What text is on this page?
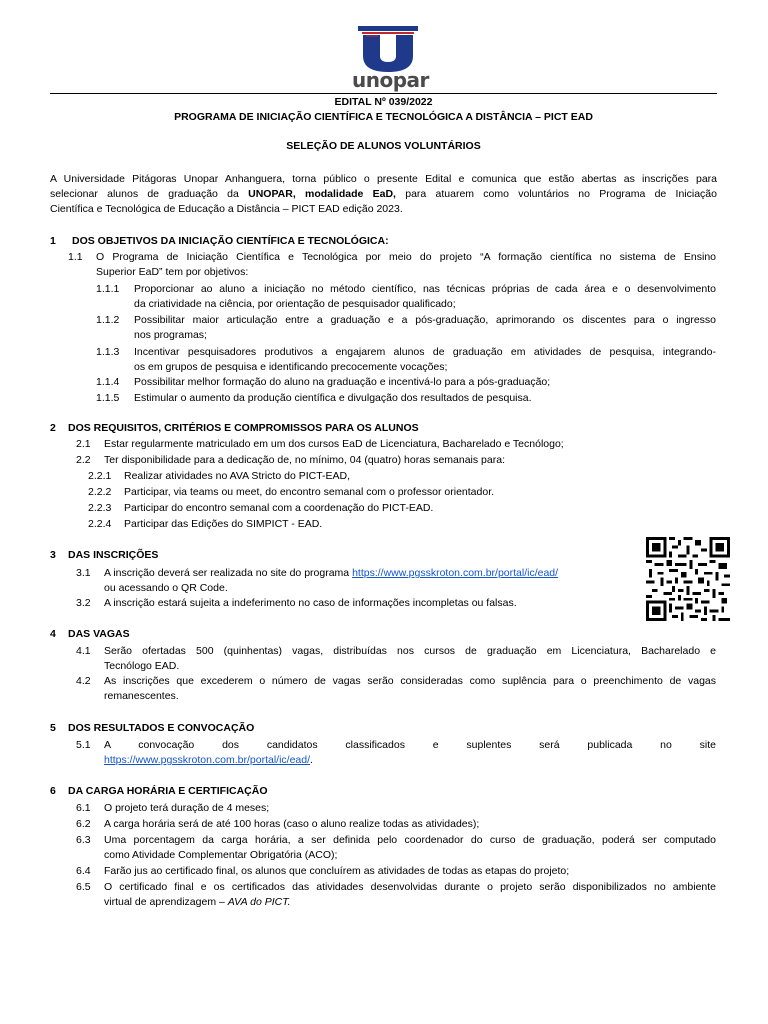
unopar
EDITAL Nº 039/2022
PROGRAMA DE INICIAÇÃO CIENTÍFICA E TECNOLÓGICA A DISTÂNCIA – PICT EAD
SELEÇÃO DE ALUNOS VOLUNTÁRIOS
A Universidade Pitágoras Unopar Anhanguera, torna público o presente Edital e comunica que estão abertas as inscrições para
selecionar alunos de graduação da UNOPAR, modalidade EaD, para atuarem como voluntários no Programa de Iniciação
Científica e Tecnológica de Educação a Distância – PICT EAD edição 2023.
1 DOS OBJETIVOS DA INICIAÇÃO CIENTÍFICA E TECNOLÓGICA:
1.1 O Programa de Iniciação Científica e Tecnológica por meio do projeto “A formação científica no sistema de Ensino
Superior EaD” tem por objetivos:
1.1.1 Proporcionar ao aluno a iniciação no método científico, nas técnicas próprias de cada área e o desenvolvimento
da criatividade na ciência, por orientação de pesquisador qualificado;
1.1.2 Possibilitar maior articulação entre a graduação e a pós-graduação, aprimorando os discentes para o ingresso
nos programas;
1.1.3 Incentivar pesquisadores produtivos a engajarem alunos de graduação em atividades de pesquisa, integrando-
os em grupos de pesquisa e identificando precocemente vocações;
1.1.4 Possibilitar melhor formação do aluno na graduação e incentivá-lo para a pós-graduação;
1.1.5 Estimular o aumento da produção científica e divulgação dos resultados de pesquisa.
2 DOS REQUISITOS, CRITÉRIOS E COMPROMISSOS PARA OS ALUNOS
2.1 Estar regularmente matriculado em um dos cursos EaD de Licenciatura, Bacharelado e Tecnólogo;
2.2 Ter disponibilidade para a dedicação de, no mínimo, 04 (quatro) horas semanais para:
2.2.1 Realizar atividades no AVA Stricto do PICT-EAD,
2.2.2 Participar, via teams ou meet, do encontro semanal com o professor orientador.
2.2.3 Participar do encontro semanal com a coordenação do PICT-EAD.
2.2.4 Participar das Edições do SIMPICT - EAD.
3 DAS INSCRIÇÕES
3.1 A inscrição deverá ser realizada no site do programa https://www.pgsskroton.com.br/portal/ic/ead/
ou acessando o QR Code.
3.2 A inscrição estará sujeita a indeferimento no caso de informações incompletas ou falsas.
4 DAS VAGAS
4.1 Serão ofertadas 500 (quinhentas) vagas, distribuídas nos cursos de graduação em Licenciatura, Bacharelado e
Tecnólogo EAD.
4.2 As inscrições que excederem o número de vagas serão consideradas como suplência para o preenchimento de vagas
remanescentes.
5 DOS RESULTADOS E CONVOCAÇÃO
5.1 A convocação dos candidatos classificados e suplentes será publicada no site
https://www.pgsskroton.com.br/portal/ic/ead/.
6 DA CARGA HORÁRIA E CERTIFICAÇÃO
6.1 O projeto terá duração de 4 meses;
6.2 A carga horária será de até 100 horas (caso o aluno realize todas as atividades);
6.3 Uma porcentagem da carga horária, a ser definida pelo coordenador do curso de graduação, poderá ser computado
como Atividade Complementar Obrigatória (ACO);
6.4 Farão jus ao certificado final, os alunos que concluírem as atividades de todas as etapas do projeto;
6.5 O certificado final e os certificados das atividades desenvolvidas durante o projeto serão disponibilizados no ambiente
virtual de aprendizagem – AVA do PICT.
